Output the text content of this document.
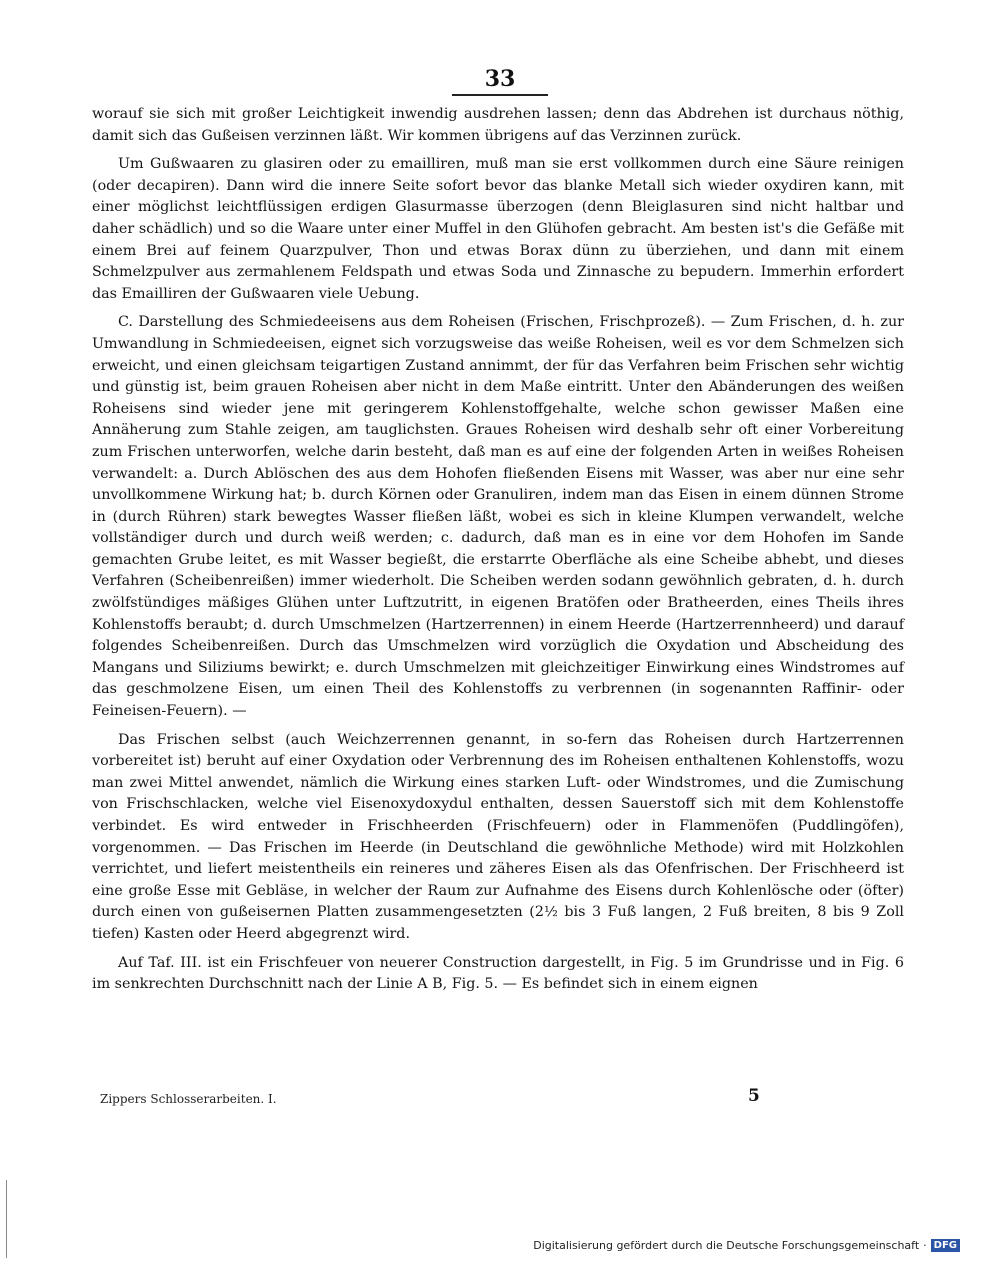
33

worauf sie sich mit großer Leichtigkeit inwendig ausdrehen lassen; denn das Abdrehen ist durchaus nöthig, damit sich das Gußeisen verzinnen läßt. Wir kommen übrigens auf das Verzinnen zurück.

Um Gußwaaren zu glasiren oder zu emailliren, muß man sie erst vollkommen durch eine Säure reinigen (oder decapiren). Dann wird die innere Seite sofort bevor das blanke Metall sich wieder oxydiren kann, mit einer möglichst leichtflüssigen erdigen Glasurmasse überzogen (denn Bleiglasuren sind nicht haltbar und daher schädlich) und so die Waare unter einer Muffel in den Glühofen gebracht. Am besten ist's die Gefäße mit einem Brei auf feinem Quarzpulver, Thon und etwas Borax dünn zu überziehen, und dann mit einem Schmelzpulver aus zermahlenem Feldspath und etwas Soda und Zinnasche zu bepudern. Immerhin erfordert das Emailliren der Gußwaaren viele Uebung.

C. Darstellung des Schmiedeeisens aus dem Roheisen (Frischen, Frischprozeß). — Zum Frischen, d. h. zur Umwandlung in Schmiedeeisen, eignet sich vorzugsweise das weiße Roheisen, weil es vor dem Schmelzen sich erweicht, und einen gleichsam teigartigen Zustand annimmt, der für das Verfahren beim Frischen sehr wichtig und günstig ist, beim grauen Roheisen aber nicht in dem Maße eintritt. Unter den Abänderungen des weißen Roheisens sind wieder jene mit geringerem Kohlenstoffgehalte, welche schon gewisser Maßen eine Annäherung zum Stahle zeigen, am tauglichsten. Graues Roheisen wird deshalb sehr oft einer Vorbereitung zum Frischen unterworfen, welche darin besteht, daß man es auf eine der folgenden Arten in weißes Roheisen verwandelt: a. Durch Ablöschen des aus dem Hohofen fließenden Eisens mit Wasser, was aber nur eine sehr unvollkommene Wirkung hat; b. durch Körnen oder Granuliren, indem man das Eisen in einem dünnen Strome in (durch Rühren) stark bewegtes Wasser fließen läßt, wobei es sich in kleine Klumpen verwandelt, welche vollständiger durch und durch weiß werden; c. dadurch, daß man es in eine vor dem Hohofen im Sande gemachten Grube leitet, es mit Wasser begießt, die erstarrte Oberfläche als eine Scheibe abhebt, und dieses Verfahren (Scheibenreißen) immer wiederholt. Die Scheiben werden sodann gewöhnlich gebraten, d. h. durch zwölfstündiges mäßiges Glühen unter Luftzutritt, in eigenen Bratöfen oder Bratheerden, eines Theils ihres Kohlenstoffs beraubt; d. durch Umschmelzen (Hartzerrennen) in einem Heerde (Hartzerrennheerd) und darauf folgendes Scheibenreißen. Durch das Umschmelzen wird vorzüglich die Oxydation und Abscheidung des Mangans und Siliziums bewirkt; e. durch Umschmelzen mit gleichzeitiger Einwirkung eines Windstromes auf das geschmolzene Eisen, um einen Theil des Kohlenstoffs zu verbrennen (in sogenannten Raffinir- oder Feineisen-Feuern). —

Das Frischen selbst (auch Weichzerrennen genannt, in so-fern das Roheisen durch Hartzerrennen vorbereitet ist) beruht auf einer Oxydation oder Verbrennung des im Roheisen enthaltenen Kohlenstoffs, wozu man zwei Mittel anwendet, nämlich die Wirkung eines starken Luft- oder Windstromes, und die Zumischung von Frischschlacken, welche viel Eisenoxydoxydul enthalten, dessen Sauerstoff sich mit dem Kohlenstoffe verbindet. Es wird entweder in Frischheerden (Frischfeuern) oder in Flammenöfen (Puddlingöfen), vorgenommen. — Das Frischen im Heerde (in Deutschland die gewöhnliche Methode) wird mit Holzkohlen verrichtet, und liefert meistentheils ein reineres und zäheres Eisen als das Ofenfrischen. Der Frischheerd ist eine große Esse mit Gebläse, in welcher der Raum zur Aufnahme des Eisens durch Kohlenlösche oder (öfter) durch einen von gußeisernen Platten zusammengesetzten (2½ bis 3 Fuß langen, 2 Fuß breiten, 8 bis 9 Zoll tiefen) Kasten oder Heerd abgegrenzt wird.

Auf Taf. III. ist ein Frischfeuer von neuerer Construction dargestellt, in Fig. 5 im Grundrisse und in Fig. 6 im senkrechten Durchschnitt nach der Linie A B, Fig. 5. — Es befindet sich in einem eignen

Zippers Schlosserarbeiten. I.	5
Digitalisierung gefördert durch die Deutsche Forschungsgemeinschaft · DFG
